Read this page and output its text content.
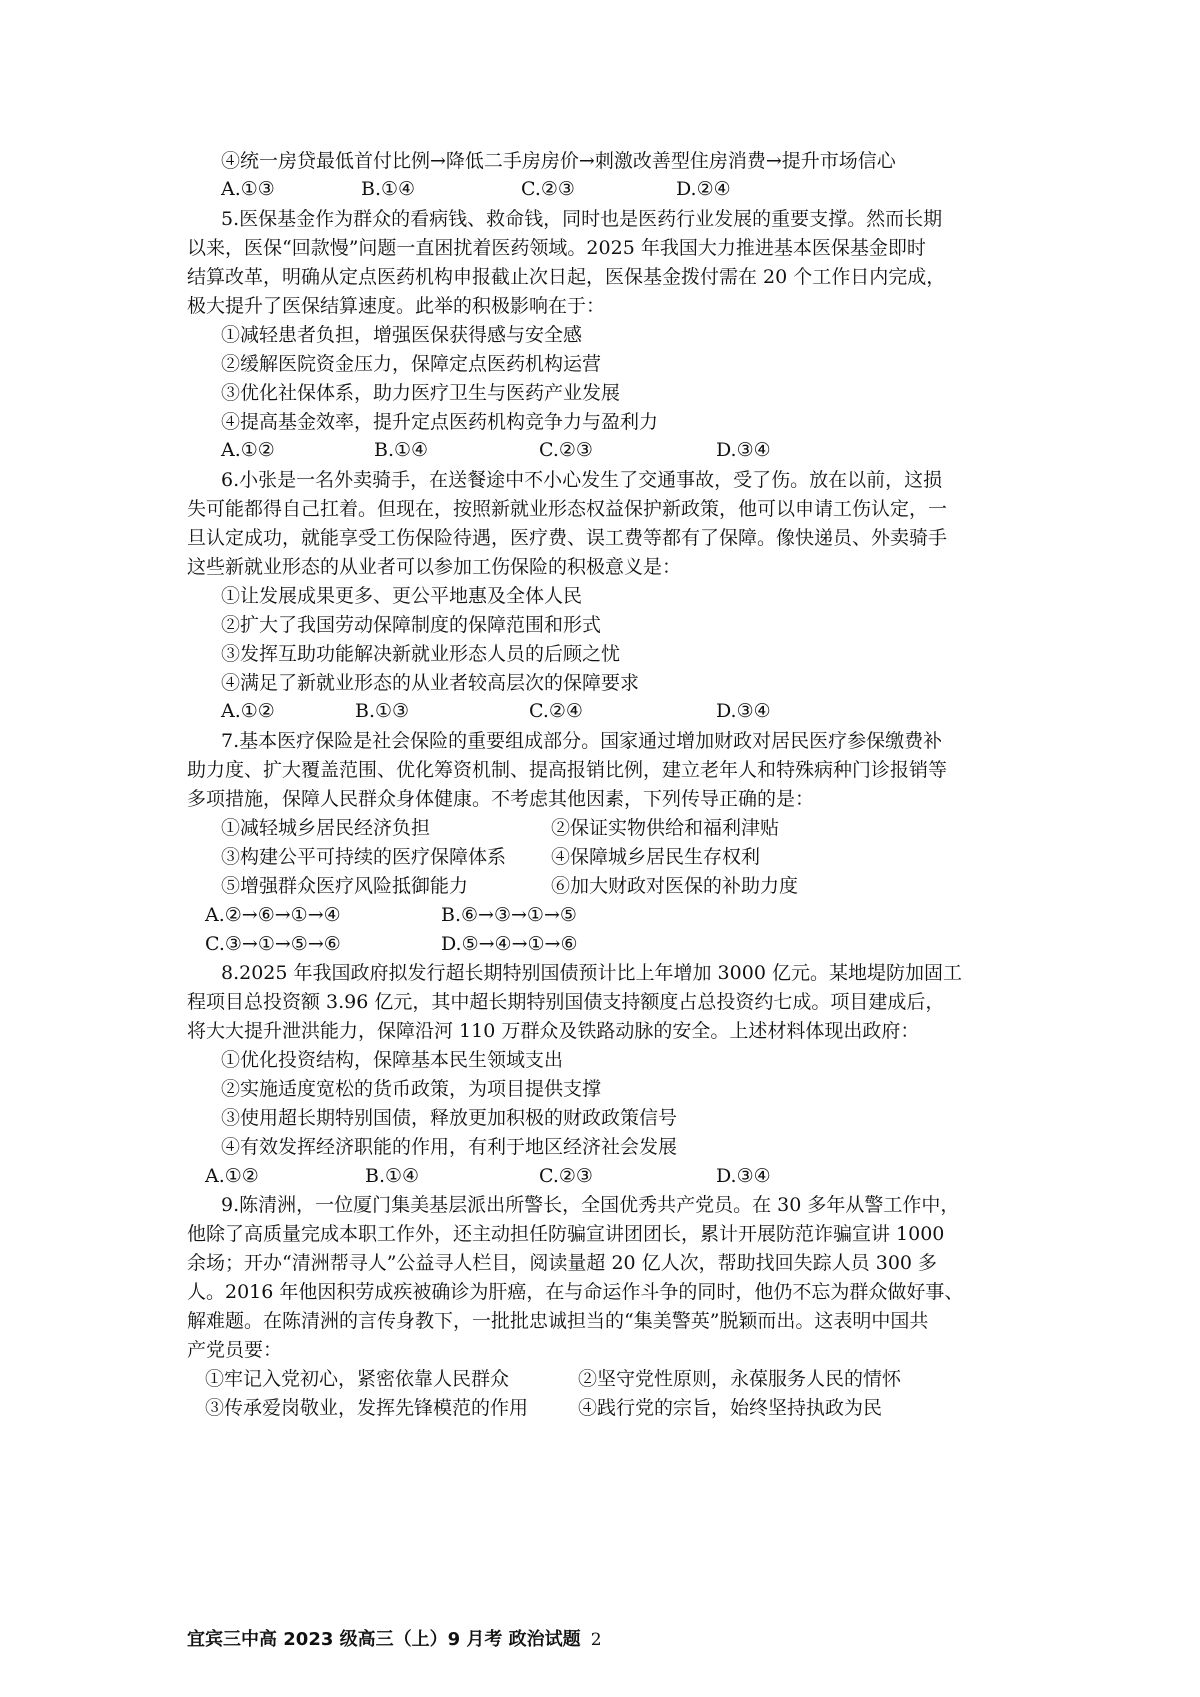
④统一房贷最低首付比例→降低二手房房价→刺激改善型住房消费→提升市场信心
A.①③	B.①④	C.②③	D.②④
5.医保基金作为群众的看病钱、救命钱，同时也是医药行业发展的重要支撑。然而长期
以来，医保“回款慢”问题一直困扰着医药领域。2025 年我国大力推进基本医保基金即时
结算改革，明确从定点医药机构申报截止次日起，医保基金拨付需在 20 个工作日内完成，
极大提升了医保结算速度。此举的积极影响在于：
①减轻患者负担，增强医保获得感与安全感
②缓解医院资金压力，保障定点医药机构运营
③优化社保体系，助力医疗卫生与医药产业发展
④提高基金效率，提升定点医药机构竞争力与盈利力
A.①②	B.①④	C.②③	D.③④
6.小张是一名外卖骑手，在送餐途中不小心发生了交通事故，受了伤。放在以前，这损
失可能都得自己扛着。但现在，按照新就业形态权益保护新政策，他可以申请工伤认定，一
旦认定成功，就能享受工伤保险待遇，医疗费、误工费等都有了保障。像快递员、外卖骑手
这些新就业形态的从业者可以参加工伤保险的积极意义是：
①让发展成果更多、更公平地惠及全体人民
②扩大了我国劳动保障制度的保障范围和形式
③发挥互助功能解决新就业形态人员的后顾之忧
④满足了新就业形态的从业者较高层次的保障要求
A.①②	B.①③	C.②④	D.③④
7.基本医疗保险是社会保险的重要组成部分。国家通过增加财政对居民医疗参保缴费补
助力度、扩大覆盖范围、优化筹资机制、提高报销比例，建立老年人和特殊病种门诊报销等
多项措施，保障人民群众身体健康。不考虑其他因素，下列传导正确的是：
①减轻城乡居民经济负担	②保证实物供给和福利津贴
③构建公平可持续的医疗保障体系 ④保障城乡居民生存权利
⑤增强群众医疗风险抵御能力	⑥加大财政对医保的补助力度
A.②→⑥→①→④	B.⑥→③→①→⑤
C.③→①→⑤→⑥	D.⑤→④→①→⑥
8.2025 年我国政府拟发行超长期特别国债预计比上年增加 3000 亿元。某地堤防加固工
程项目总投资额 3.96 亿元，其中超长期特别国债支持额度占总投资约七成。项目建成后，
将大大提升泄洪能力，保障沿河 110 万群众及铁路动脉的安全。上述材料体现出政府：
①优化投资结构，保障基本民生领域支出
②实施适度宽松的货币政策，为项目提供支撑
③使用超长期特别国债，释放更加积极的财政政策信号
④有效发挥经济职能的作用，有利于地区经济社会发展
A.①②	B.①④	C.②③	D.③④
9.陈清洲，一位厦门集美基层派出所警长，全国优秀共产党员。在 30 多年从警工作中，
他除了高质量完成本职工作外，还主动担任防骗宣讲团团长，累计开展防范诈骗宣讲 1000
余场；开办“清洲帮寻人”公益寻人栏目，阅读量超 20 亿人次，帮助找回失踪人员 300 多
人。2016 年他因积劳成疾被确诊为肝癌，在与命运作斗争的同时，他仍不忘为群众做好事、
解难题。在陈清洲的言传身教下，一批批忠诚担当的“集美警英”脱颖而出。这表明中国共
产党员要：
①牢记入党初心，紧密依靠人民群众	②坚守党性原则，永葆服务人民的情怀
③传承爱岗敬业，发挥先锋模范的作用	④践行党的宗旨，始终坚持执政为民
宜宾三中高 2023 级高三（上）9 月考 政治试题 2
